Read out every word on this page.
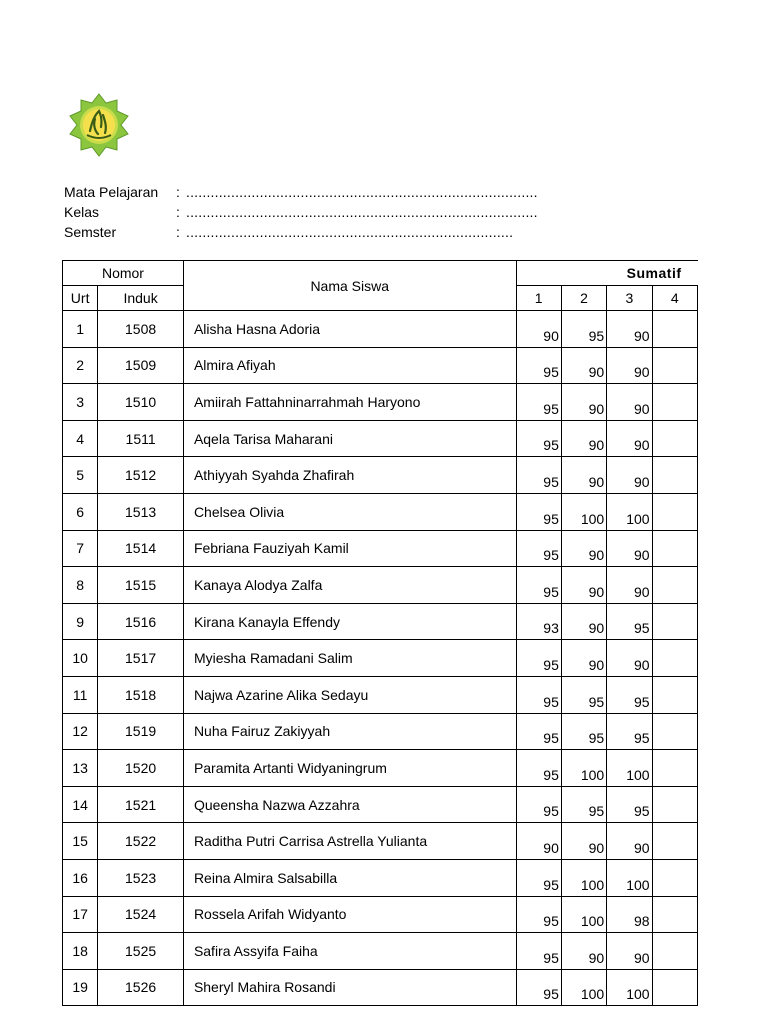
Mata Pelajaran	: ......................................................................................
Kelas	: ......................................................................................
Semster	: ................................................................................
Nomor		Nama Siswa	Sumatif			
Urt	Induk		1	2	3	4
1	1508	Alisha Hasna Adoria	90	95	90	
2	1509	Almira Afiyah	95	90	90	
3	1510	Amiirah Fattahninarrahmah Haryono	95	90	90	
4	1511	Aqela Tarisa Maharani	95	90	90	
5	1512	Athiyyah Syahda Zhafirah	95	90	90	
6	1513	Chelsea Olivia	95	100	100	
7	1514	Febriana Fauziyah Kamil	95	90	90	
8	1515	Kanaya Alodya Zalfa	95	90	90	
9	1516	Kirana Kanayla Effendy	93	90	95	
10	1517	Myiesha Ramadani Salim	95	90	90	
11	1518	Najwa Azarine Alika Sedayu	95	95	95	
12	1519	Nuha Fairuz Zakiyyah	95	95	95	
13	1520	Paramita Artanti Widyaningrum	95	100	100	
14	1521	Queensha Nazwa Azzahra	95	95	95	
15	1522	Raditha Putri Carrisa Astrella Yulianta	90	90	90	
16	1523	Reina Almira Salsabilla	95	100	100	
17	1524	Rossela Arifah Widyanto	95	100	98	
18	1525	Safira Assyifa Faiha	95	90	90	
19	1526	Sheryl Mahira Rosandi	95	100	100	
